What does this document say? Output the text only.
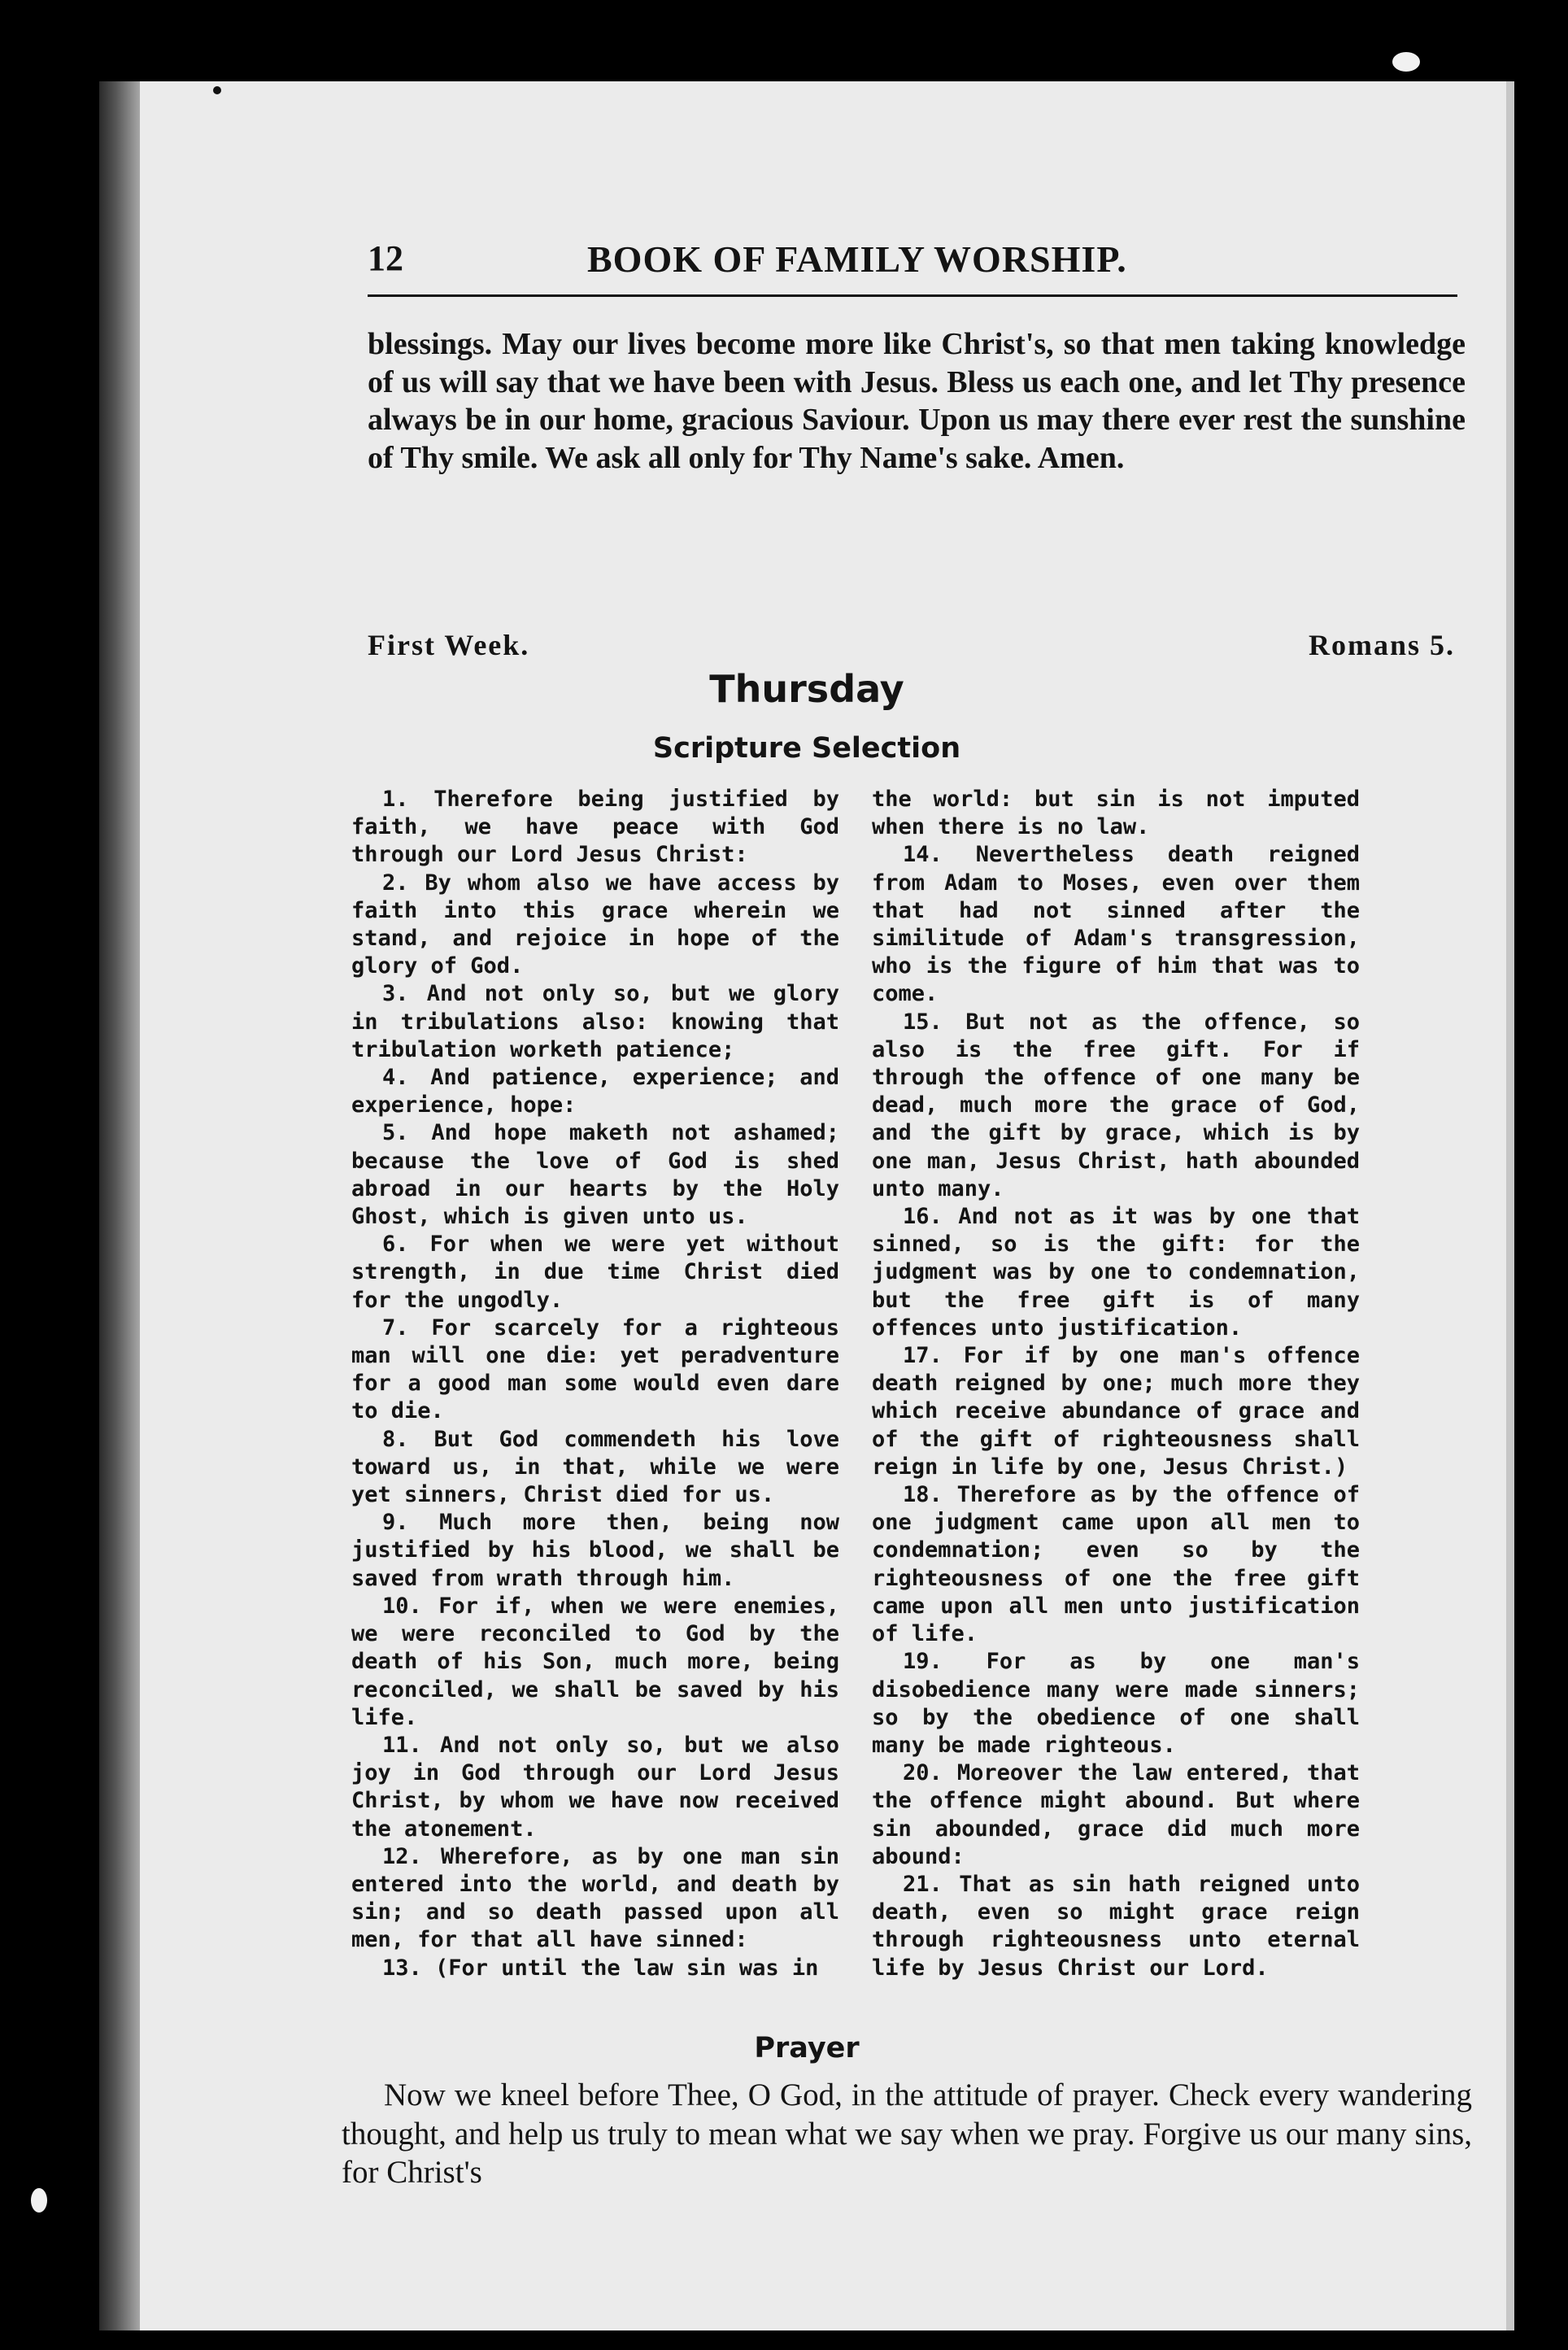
12	BOOK OF FAMILY WORSHIP.

blessings. May our lives become more like Christ's, so that men taking knowledge of us will say that we have been with Jesus. Bless us each one, and let Thy presence always be in our home, gracious Saviour. Upon us may there ever rest the sunshine of Thy smile. We ask all only for Thy Name's sake. Amen.

First Week.	Romans 5.
Thursday
Scripture Selection

1. Therefore being justified by faith, we have peace with God through our Lord Jesus Christ:

2. By whom also we have access by faith into this grace wherein we stand, and rejoice in hope of the glory of God.

3. And not only so, but we glory in tribulations also: knowing that tribulation worketh patience;

4. And patience, experience; and experience, hope:

5. And hope maketh not ashamed; because the love of God is shed abroad in our hearts by the Holy Ghost, which is given unto us.

6. For when we were yet without strength, in due time Christ died for the ungodly.

7. For scarcely for a righteous man will one die: yet peradventure for a good man some would even dare to die.

8. But God commendeth his love toward us, in that, while we were yet sinners, Christ died for us.

9. Much more then, being now justified by his blood, we shall be saved from wrath through him.

10. For if, when we were enemies, we were reconciled to God by the death of his Son, much more, being reconciled, we shall be saved by his life.

11. And not only so, but we also joy in God through our Lord Jesus Christ, by whom we have now received the atonement.

12. Wherefore, as by one man sin entered into the world, and death by sin; and so death passed upon all men, for that all have sinned:

13. (For until the law sin was in

the world: but sin is not imputed when there is no law.

14. Nevertheless death reigned from Adam to Moses, even over them that had not sinned after the similitude of Adam's transgression, who is the figure of him that was to come.

15. But not as the offence, so also is the free gift. For if through the offence of one many be dead, much more the grace of God, and the gift by grace, which is by one man, Jesus Christ, hath abounded unto many.

16. And not as it was by one that sinned, so is the gift: for the judgment was by one to condemnation, but the free gift is of many offences unto justification.

17. For if by one man's offence death reigned by one; much more they which receive abundance of grace and of the gift of righteousness shall reign in life by one, Jesus Christ.)

18. Therefore as by the offence of one judgment came upon all men to condemnation; even so by the righteousness of one the free gift came upon all men unto justification of life.

19. For as by one man's disobedience many were made sinners; so by the obedience of one shall many be made righteous.

20. Moreover the law entered, that the offence might abound. But where sin abounded, grace did much more abound:

21. That as sin hath reigned unto death, even so might grace reign through righteousness unto eternal life by Jesus Christ our Lord.

Prayer

Now we kneel before Thee, O God, in the attitude of prayer. Check every wandering thought, and help us truly to mean what we say when we pray. Forgive us our many sins, for Christ's
